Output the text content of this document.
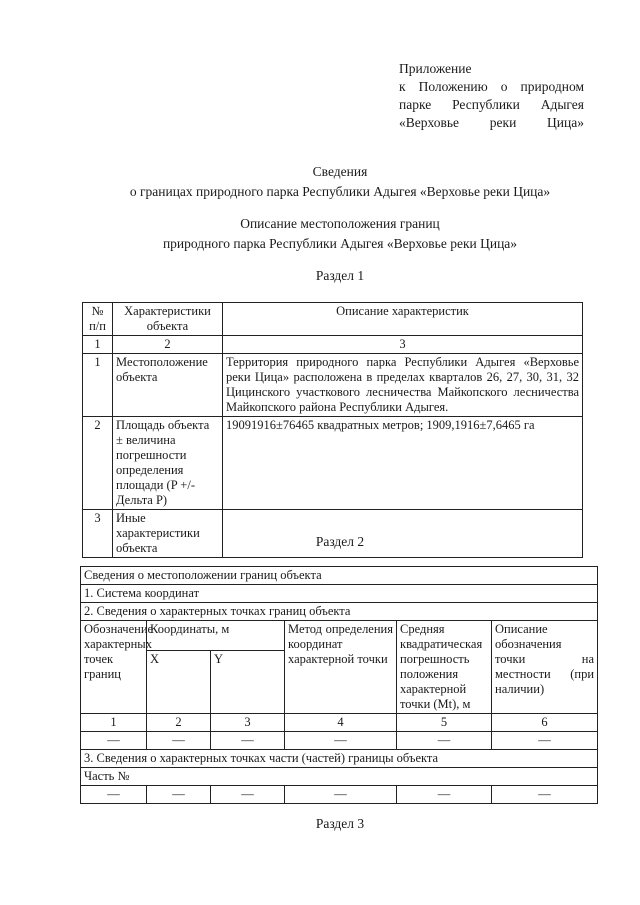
Приложение
к Положению о природном
парке Республики Адыгея
«Верховье реки Цица»
Сведения
о границах природного парка Республики Адыгея «Верховье реки Цица»
Описание местоположения границ
природного парка Республики Адыгея «Верховье реки Цица»
Раздел 1
№ п/п	Характеристики объекта	Описание характеристик
1	2	3
1	Местоположение объекта	Территория природного парка Республики Адыгея «Верховье реки Цица» расположена в пределах кварталов 26, 27, 30, 31, 32 Цицинского участкового лесничества Майкопского лесничества Майкопского района Республики Адыгея.
2	Площадь объекта ± величина погрешности определения площади (P +/- Дельта P)	19091916±76465 квадратных метров; 1909,1916±7,6465 га
3	Иные характеристики объекта		Раздел 2
Сведения о местоположении границ объекта					
1. Система координат					
2. Сведения о характерных точках границ объекта					
Обозначение характерных точек границ	Координаты, м		Метод определения координат характерной точки	Средняя квадратическая погрешность положения характерной точки (Mt), м	Описание обозначения точки на местности (при наличии)
	X	Y			
1	2	3	4	5	6
—	—	—	—	—	—
3. Сведения о характерных точках части (частей) границы объекта					
Часть №					
—	—	—	—	—	—
Раздел 3
